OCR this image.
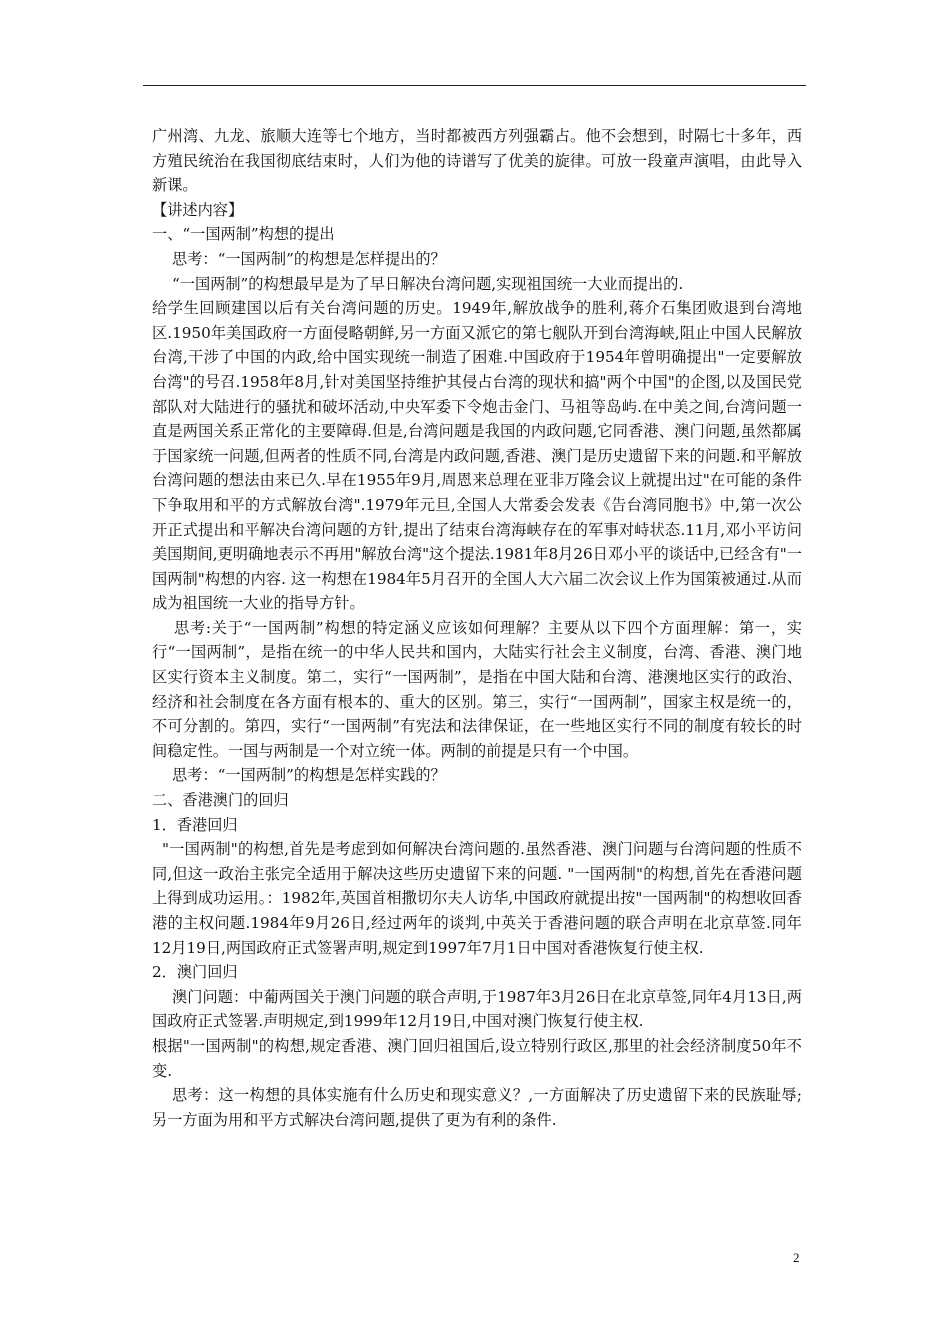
广州湾、九龙、旅顺大连等七个地方，当时都被西方列强霸占。他不会想到，时隔七十多年，西方殖民统治在我国彻底结束时，人们为他的诗谱写了优美的旋律。可放一段童声演唱，由此导入新课。

【讲述内容】

一、“一国两制”构想的提出

思考：“一国两制”的构想是怎样提出的？

“一国两制”的构想最早是为了早日解决台湾问题,实现祖国统一大业而提出的.

给学生回顾建国以后有关台湾问题的历史。1949年,解放战争的胜利,蒋介石集团败退到台湾地区.1950年美国政府一方面侵略朝鲜,另一方面又派它的第七舰队开到台湾海峡,阻止中国人民解放台湾,干涉了中国的内政,给中国实现统一制造了困难.中国政府于1954年曾明确提出"一定要解放台湾"的号召.1958年8月,针对美国坚持维护其侵占台湾的现状和搞"两个中国"的企图,以及国民党部队对大陆进行的骚扰和破坏活动,中央军委下令炮击金门、马祖等岛屿.在中美之间,台湾问题一直是两国关系正常化的主要障碍.但是,台湾问题是我国的内政问题,它同香港、澳门问题,虽然都属于国家统一问题,但两者的性质不同,台湾是内政问题,香港、澳门是历史遗留下来的问题.和平解放台湾问题的想法由来已久.早在1955年9月,周恩来总理在亚非万隆会议上就提出过"在可能的条件下争取用和平的方式解放台湾".1979年元旦,全国人大常委会发表《告台湾同胞书》中,第一次公开正式提出和平解决台湾问题的方针,提出了结束台湾海峡存在的军事对峙状态.11月,邓小平访问美国期间,更明确地表示不再用"解放台湾"这个提法.1981年8月26日邓小平的谈话中,已经含有"一国两制"构想的内容. 这一构想在1984年5月召开的全国人大六届二次会议上作为国策被通过.从而成为祖国统一大业的指导方针。

思考:关于“一国两制”构想的特定涵义应该如何理解？主要从以下四个方面理解：第一，实行“一国两制”，是指在统一的中华人民共和国内，大陆实行社会主义制度，台湾、香港、澳门地区实行资本主义制度。第二，实行“一国两制”，是指在中国大陆和台湾、港澳地区实行的政治、经济和社会制度在各方面有根本的、重大的区别。第三，实行“一国两制”，国家主权是统一的，不可分割的。第四，实行“一国两制”有宪法和法律保证，在一些地区实行不同的制度有较长的时间稳定性。一国与两制是一个对立统一体。两制的前提是只有一个中国。

思考：“一国两制”的构想是怎样实践的？

二、香港澳门的回归

1．香港回归

"一国两制"的构想,首先是考虑到如何解决台湾问题的.虽然香港、澳门问题与台湾问题的性质不同,但这一政治主张完全适用于解决这些历史遗留下来的问题. "一国两制"的构想,首先在香港问题上得到成功运用。：1982年,英国首相撒切尔夫人访华,中国政府就提出按"一国两制"的构想收回香港的主权问题.1984年9月26日,经过两年的谈判,中英关于香港问题的联合声明在北京草签.同年12月19日,两国政府正式签署声明,规定到1997年7月1日中国对香港恢复行使主权.

2．澳门回归

澳门问题：中葡两国关于澳门问题的联合声明,于1987年3月26日在北京草签,同年4月13日,两国政府正式签署.声明规定,到1999年12月19日,中国对澳门恢复行使主权.

根据"一国两制"的构想,规定香港、澳门回归祖国后,设立特别行政区,那里的社会经济制度50年不变.

思考：这一构想的具体实施有什么历史和现实意义？,一方面解决了历史遗留下来的民族耻辱;另一方面为用和平方式解决台湾问题,提供了更为有利的条件.

2
